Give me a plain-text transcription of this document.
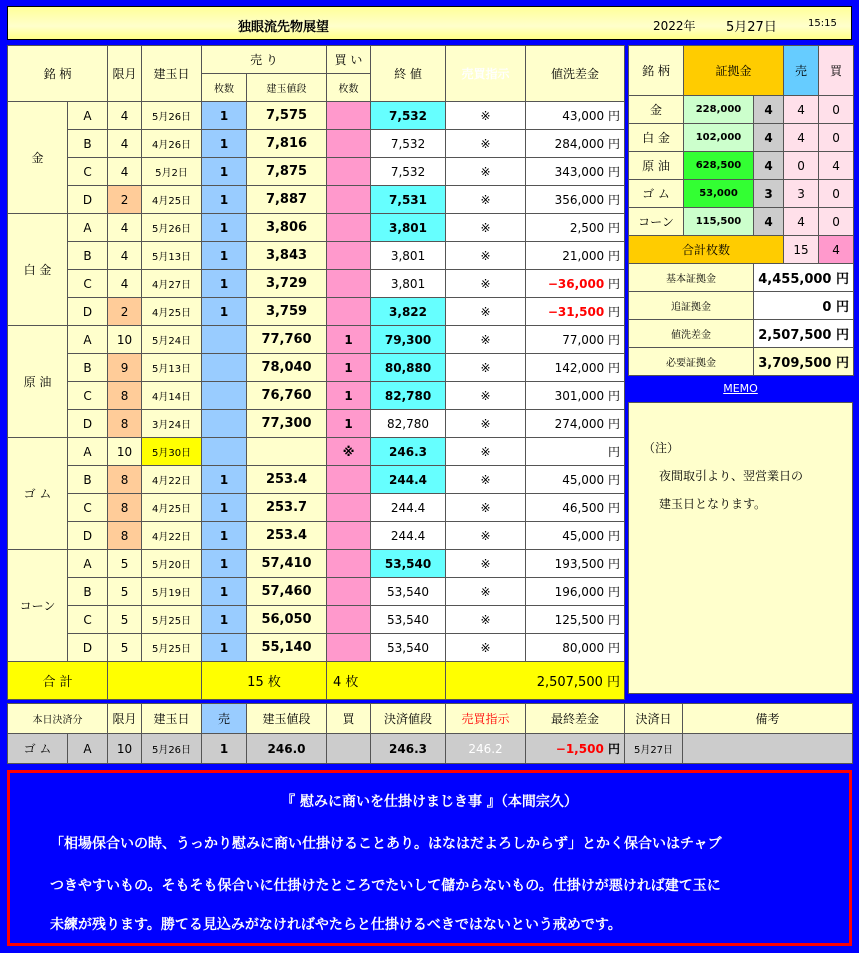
独眼流先物展望	2022年 5月27日	15:15
銘 柄		限月	建玉日	売 り		買 い	終 値	売買指示	値洗差金
				枚数	建玉値段	枚数			
金	A	4	5月26日	1	7,575		7,532	※	43,000 円
	B	4	4月26日	1	7,816		7,532	※	284,000 円
	C	4	5月2日	1	7,875		7,532	※	343,000 円
	D	2	4月25日	1	7,887		7,531	※	356,000 円
白 金	A	4	5月26日	1	3,806		3,801	※	2,500 円
	B	4	5月13日	1	3,843		3,801	※	21,000 円
	C	4	4月27日	1	3,729		3,801	※	−36,000 円
	D	2	4月25日	1	3,759		3,822	※	−31,500 円
原 油	A	10	5月24日		77,760	1	79,300	※	77,000 円
	B	9	5月13日		78,040	1	80,880	※	142,000 円
	C	8	4月14日		76,760	1	82,780	※	301,000 円
	D	8	3月24日		77,300	1	82,780	※	274,000 円
ゴ ム	A	10	5月30日			※	246.3	※	円
	B	8	4月22日	1	253.4		244.4	※	45,000 円
	C	8	4月25日	1	253.7		244.4	※	46,500 円
	D	8	4月22日	1	253.4		244.4	※	45,000 円
コーン	A	5	5月20日	1	57,410		53,540	※	193,500 円
	B	5	5月19日	1	57,460		53,540	※	196,000 円
	C	5	5月25日	1	56,050		53,540	※	125,500 円
	D	5	5月25日	1	55,140		53,540	※	80,000 円
合 計				15 枚		4 枚		2,507,500 円	
銘 柄	証拠金		売	買
金	228,000	4	4	0
白 金	102,000	4	4	0
原 油	628,500	4	0	4
ゴ ム	53,000	3	3	0
コーン	115,500	4	4	0
合計枚数			15	4
基本証拠金		4,455,000 円		
追証拠金		0 円		
値洗差金		2,507,500 円		
必要証拠金		3,709,500 円		
MEMO
（注）
夜間取引より、翌営業日の
建玉日となります。
本日決済分		限月	建玉日	売	建玉値段	買	決済値段	売買指示	最終差金	決済日	備考
ゴ ム	A	10	5月26日	1	246.0		246.3	246.2	−1,500 円	5月27日	
『 慰みに商いを仕掛けまじき事 』（本間宗久）
「相場保合いの時、うっかり慰みに商い仕掛けることあり。はなはだよろしからず」とかく保合いはチャブ
つきやすいもの。そもそも保合いに仕掛けたところでたいして儲からないもの。仕掛けが悪ければ建て玉に
未練が残ります。勝てる見込みがなければやたらと仕掛けるべきではないという戒めです。
